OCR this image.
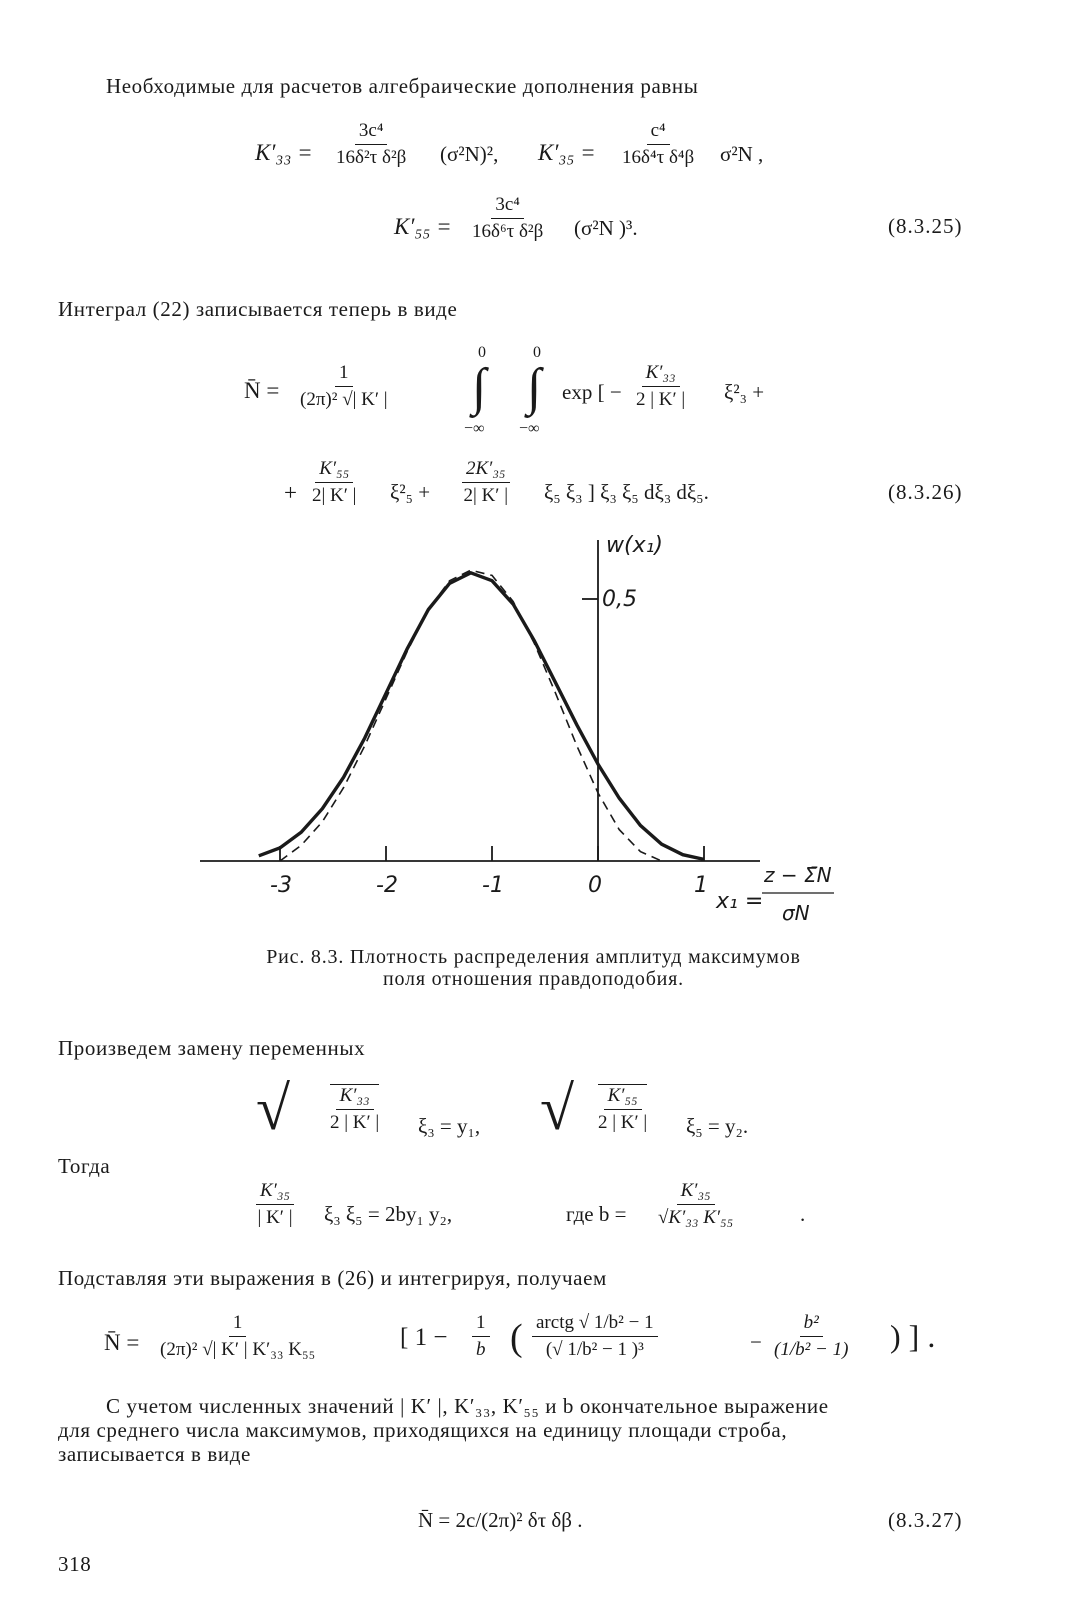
Необходимые для расчетов алгебраические дополнения равны
$K'_{33} = \frac{\text{3c⁴}}{\text{16δ²τ δ²β}} (\sigma^2N)^2$, $K'_{35} = \frac{\text{c⁴}}{\text{16δ⁴τ δ⁴β}} \sigma^2N$ ,
$K'_{55} = \frac{\text{3c⁴}}{\text{16δ⁶τ δ²β}} (\sigma^2N$ )³.	(8.3.25)
Интеграл (22) записывается теперь в виде
N̄ = $\frac{1}{\text{(2π)² √| K′ |}}$
0
∫
−∞
0
∫
−∞
exp [ − $\frac{\text{K′₃₃}}{2 | K' |} \xi^2_3$ +
+ $\frac{\text{K′₅₅}}{2| K' |} \xi^2_5 + \frac{\text{2K′₃₅}}{2| K' |} \xi_5$ ξ₃ ] ξ₃ ξ₅ dξ₃ dξ₅.	(8.3.26)
w(x₁)
0,5
-3	-2	-1	0	1
x₁ =
z − Σ̄N
σN
Рис. 8.3. Плотность распределения амплитуд максимумов
поля отношения правдоподобия.
Произведем замену переменных
√ $\frac{\text{K′₃₃}}{2 | K' |} \xi_3 = y_1$, √ $\frac{\text{K′₅₅}}{2 | K' |} \xi_5 = y_2$.
Тогда
$\frac{\text{K′₃₅}}{| K' |} \xi_3$ ξ₅ = 2by₁ y₂,	где $b = \frac{\text{K′₃₅}}{\text{√K′₃₃ K′₅₅}}$	.
Подставляя эти выражения в (26) и интегрируя, получаем
N̄ = $\frac{1}{\text{(2π)² √| K′ | K′₃₃ K₅₅}}$	[ $1 - \frac{1}{b}$ ( arctg √ 1/b² − 1
(√ 1/b² − 1 )³	− $\frac{\text{b²}}{\text{(1/b² − 1)}}$ ) ] .
С учетом численных значений | K′ |, K′₃₃, K′₅₅ и b окончательное выражение
для среднего числа максимумов, приходящихся на единицу площади строба,
записывается в виде
N̄ = 2c/(2π)² δτ δβ .	(8.3.27)
318
